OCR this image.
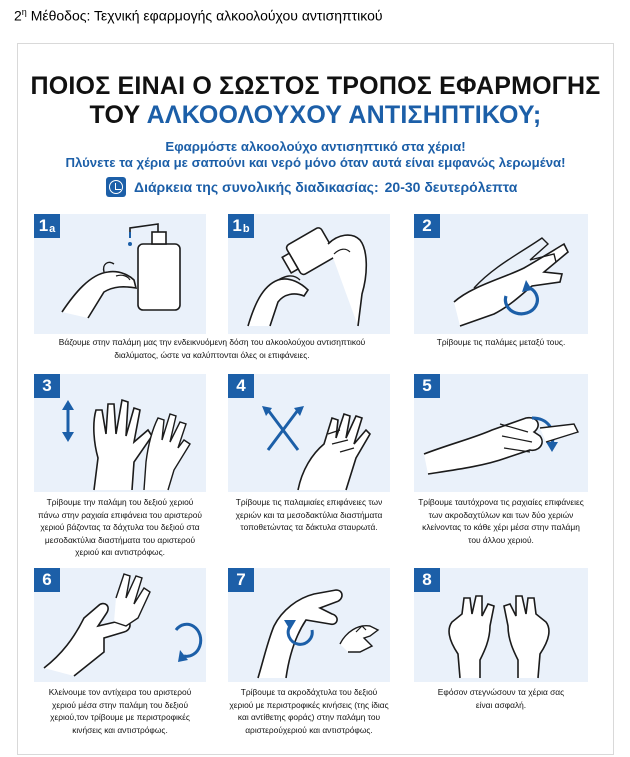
$2^\eta$ Μέθοδος: Τεχνική εφαρμογής αλκοολούχου αντισηπτικού
ΠΟΙΟΣ ΕΙΝΑΙ Ο ΣΩΣΤΟΣ ΤΡΟΠΟΣ ΕΦΑΡΜΟΓΗΣ
ΤΟΥ ΑΛΚΟΟΛΟΥΧΟΥ ΑΝΤΙΣΗΠΤΙΚΟΥ;
Εφαρμόστε αλκοολούχο αντισηπτικό στα χέρια!
Πλύνετε τα χέρια με σαπούνι και νερό μόνο όταν αυτά είναι εμφανώς λερωμένα!
Διάρκεια της συνολικής διαδικασίας: 20-30 δευτερόλεπτα
1 a	1 b	2
Βάζουμε στην παλάμη μας την ενδεικνυόμενη δόση του αλκοολούχου αντισηπτικού
διαλύματος, ώστε να καλύπτονται όλες οι επιφάνειες.
Τρίβουμε τις παλάμες μεταξύ τους.
3	4	5
Τρίβουμε την παλάμη του δεξιού χεριού
πάνω στην ραχιαία επιφάνεια του αριστερού
χεριού βάζοντας τα δάχτυλα του δεξιού στα
μεσοδακτύλια διαστήματα του αριστερού
χεριού και αντιστρόφως.
Τρίβουμε τις παλαμιαίες επιφάνειες των
χεριών και τα μεσοδακτύλια διαστήματα
τοποθετώντας τα δάκτυλα σταυρωτά.
Τρίβουμε ταυτόχρονα τις ραχιαίες επιφάνειες
των ακροδαχτύλων και των δύο χεριών
κλείνοντας το κάθε χέρι μέσα στην παλάμη
του άλλου χεριού.
6	7	8
Κλείνουμε τον αντίχειρα του αριστερού
χεριού μέσα στην παλάμη του δεξιού
χεριού,τον τρίβουμε με περιστροφικές
κινήσεις και αντιστρόφως.
Τρίβουμε τα ακροδάχτυλα του δεξιού
χεριού με περιστροφικές κινήσεις (της ίδιας
και αντίθετης φοράς) στην παλάμη του
αριστερούχεριού και αντιστρόφως.
Εφόσον στεγνώσουν τα χέρια σας
είναι ασφαλή.
